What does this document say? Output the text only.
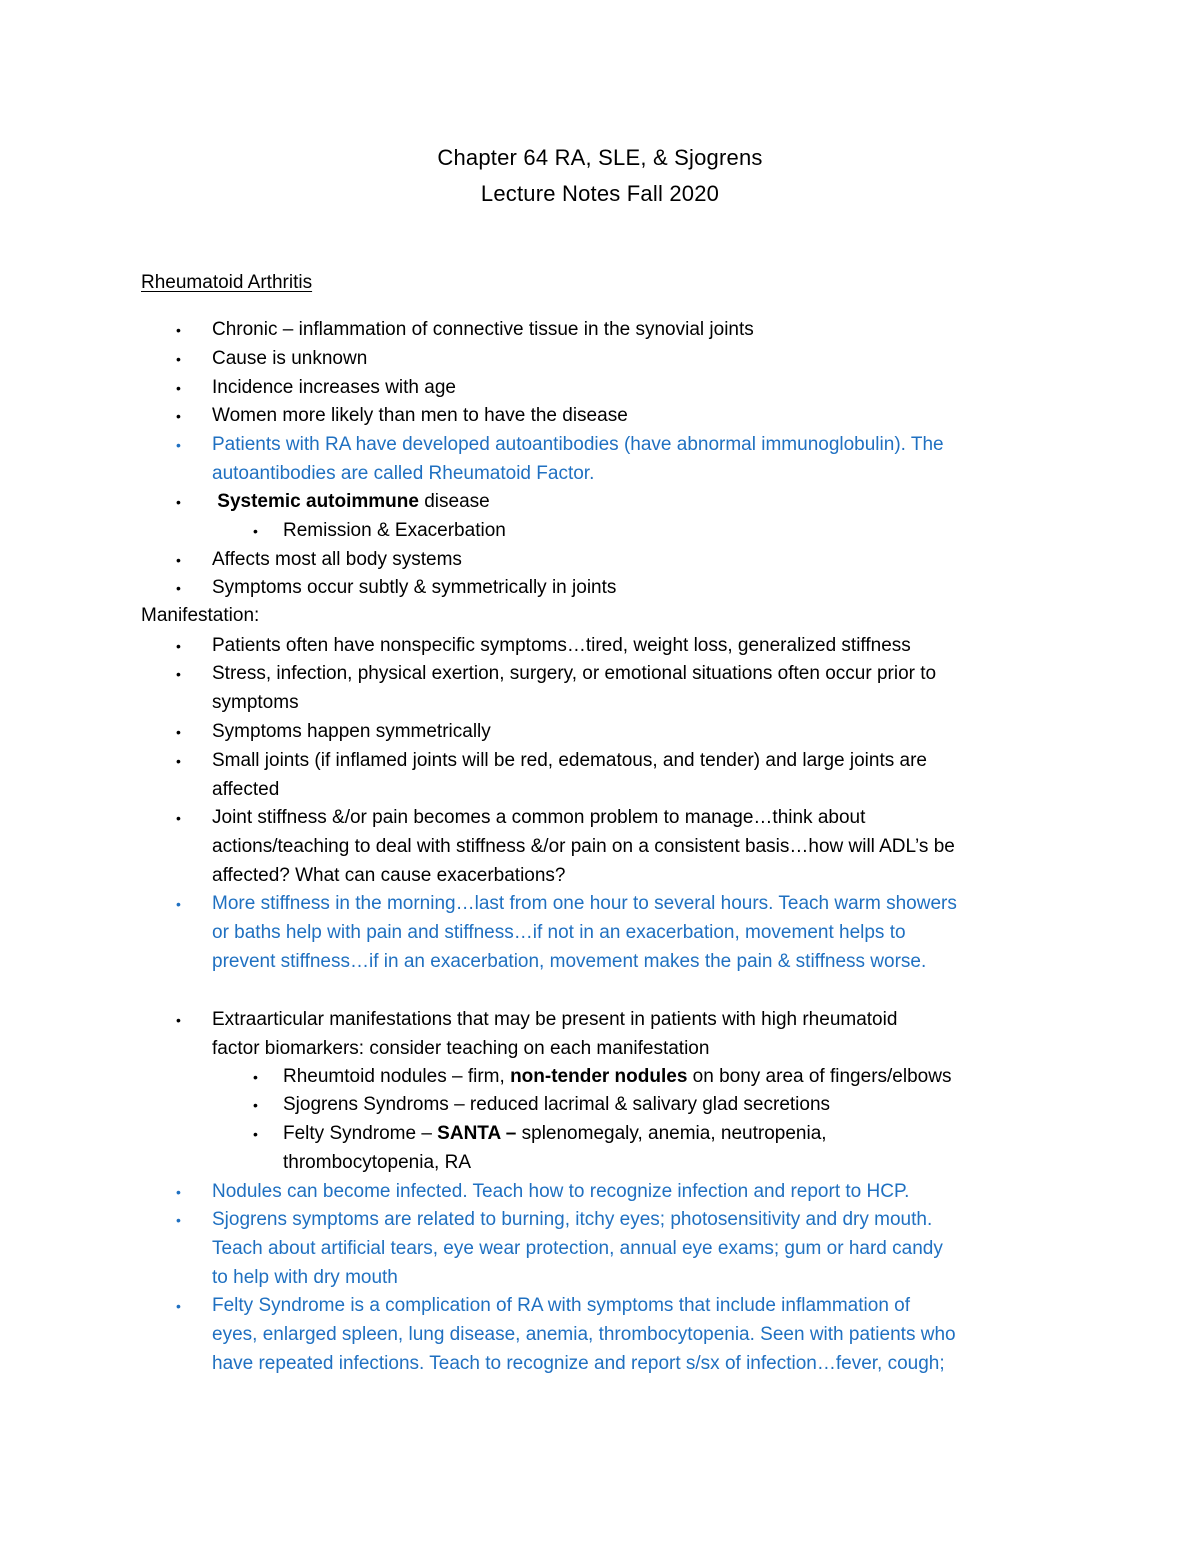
Chapter 64 RA, SLE, & Sjogrens
Lecture Notes Fall 2020
Rheumatoid Arthritis
• Chronic – inflammation of connective tissue in the synovial joints
• Cause is unknown
• Incidence increases with age
• Women more likely than men to have the disease
• Patients with RA have developed autoantibodies (have abnormal immunoglobulin). The
autoantibodies are called Rheumatoid Factor.
• Systemic autoimmune disease
• Remission & Exacerbation
• Affects most all body systems
• Symptoms occur subtly & symmetrically in joints
Manifestation:
• Patients often have nonspecific symptoms…tired, weight loss, generalized stiffness
• Stress, infection, physical exertion, surgery, or emotional situations often occur prior to
symptoms
• Symptoms happen symmetrically
• Small joints (if inflamed joints will be red, edematous, and tender) and large joints are
affected
• Joint stiffness &/or pain becomes a common problem to manage…think about
actions/teaching to deal with stiffness &/or pain on a consistent basis…how will ADL’s be
affected? What can cause exacerbations?
• More stiffness in the morning…last from one hour to several hours. Teach warm showers
or baths help with pain and stiffness…if not in an exacerbation, movement helps to
prevent stiffness…if in an exacerbation, movement makes the pain & stiffness worse.
• Extraarticular manifestations that may be present in patients with high rheumatoid
factor biomarkers: consider teaching on each manifestation
• Rheumtoid nodules – firm, non-tender nodules on bony area of fingers/elbows
• Sjogrens Syndroms – reduced lacrimal & salivary glad secretions
• Felty Syndrome – SANTA – splenomegaly, anemia, neutropenia,
thrombocytopenia, RA
• Nodules can become infected. Teach how to recognize infection and report to HCP.
• Sjogrens symptoms are related to burning, itchy eyes; photosensitivity and dry mouth.
Teach about artificial tears, eye wear protection, annual eye exams; gum or hard candy
to help with dry mouth
• Felty Syndrome is a complication of RA with symptoms that include inflammation of
eyes, enlarged spleen, lung disease, anemia, thrombocytopenia. Seen with patients who
have repeated infections. Teach to recognize and report s/sx of infection…fever, cough;
